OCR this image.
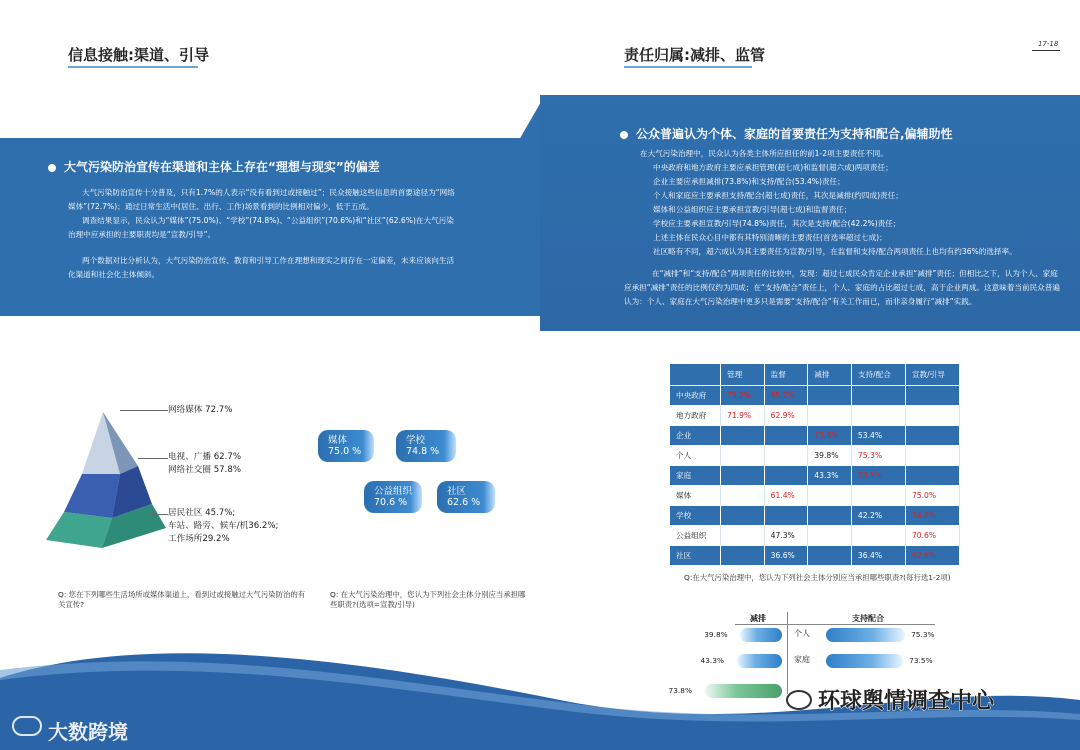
信息接触:渠道、引导
大气污染防治宣传在渠道和主体上存在“理想与现实”的偏差
大气污染防治宣传十分普及，只有1.7%的人表示“没有看到过或接触过”；民众接触这些信息的首要途径为“网络媒体”(72.7%)；通过日常生活中(居住、出行、工作)场景看到的比例相对偏少，低于五成。
调查结果显示，民众认为“媒体”(75.0%)、“学校”(74.8%)、“公益组织”(70.6%)和“社区”(62.6%)在大气污染治理中应承担的主要职责均是“宣教/引导”。
两个数据对比分析认为，大气污染防治宣传、教育和引导工作在理想和现实之间存在一定偏差，未来应该向生活化渠道和社会化主体倾斜。
网络媒体 72.7%
电视、广播 62.7%
网络社交圈 57.8%
居民社区 45.7%;
车站、路旁、候车/机36.2%;
工作场所29.2%
媒体
75.0 %
学校
74.8 %
公益组织
70.6 %
社区
62.6 %
Q: 您在下列哪些生活场所或媒体渠道上，看到过或接触过大气污染防治的有关宣传?
Q: 在大气污染治理中，您认为下列社会主体分别应当承担哪些职责?(选项=宣教/引导)
17-18
责任归属:减排、监管
公众普遍认为个体、家庭的首要责任为支持和配合,偏辅助性
在大气污染治理中，民众认为各类主体所应担任的前1-2项主要责任不同。
中央政府和地方政府主要应承担管理(超七成)和监督(超六成)两项责任；
企业主要应承担减排(73.8%)和支持/配合(53.4%)责任；
个人和家庭应主要承担支持/配合(超七成)责任，其次是减排(约四成)责任；
媒体和公益组织应主要承担宣教/引导(超七成)和监督责任；
学校应主要承担宣教/引导(74.8%)责任，其次是支持/配合(42.2%)责任；
上述主体在民众心目中都有其特别清晰的主要责任(首选率超过七成)；
社区略有不同，超六成认为其主要责任为宣教/引导，在监督和支持/配合两项责任上也均有约36%的选择率。
在“减排”和“支持/配合”两项责任的比较中，发现：超过七成民众肯定企业承担“减排”责任；但相比之下，认为个人、家庭应承担“减排”责任的比例仅约为四成；在“支持/配合”责任上，个人、家庭的占比超过七成，高于企业两成。这意味着当前民众普遍认为：个人、家庭在大气污染治理中更多只是需要“支持/配合”有关工作而已，而非亲身履行“减排”实践。
	管理	监督	减排	支持/配合	宣教/引导
中央政府	75.2%	65.2%			
地方政府	71.9%	62.9%			
企业			73.8%	53.4%	
个人			39.8%	75.3%	
家庭			43.3%	73.5%	
媒体		61.4%			75.0%
学校				42.2%	74.8%
公益组织		47.3%			70.6%
社区		36.6%		36.4%	62.6%
Q:在大气污染治理中，您认为下列社会主体分别应当承担哪些职责?(每行选1-2项)
减排	支持配合
个人
39.8%	75.3%
家庭
43.3%	73.5%
73.8%
大数跨境
环球舆情调查中心
